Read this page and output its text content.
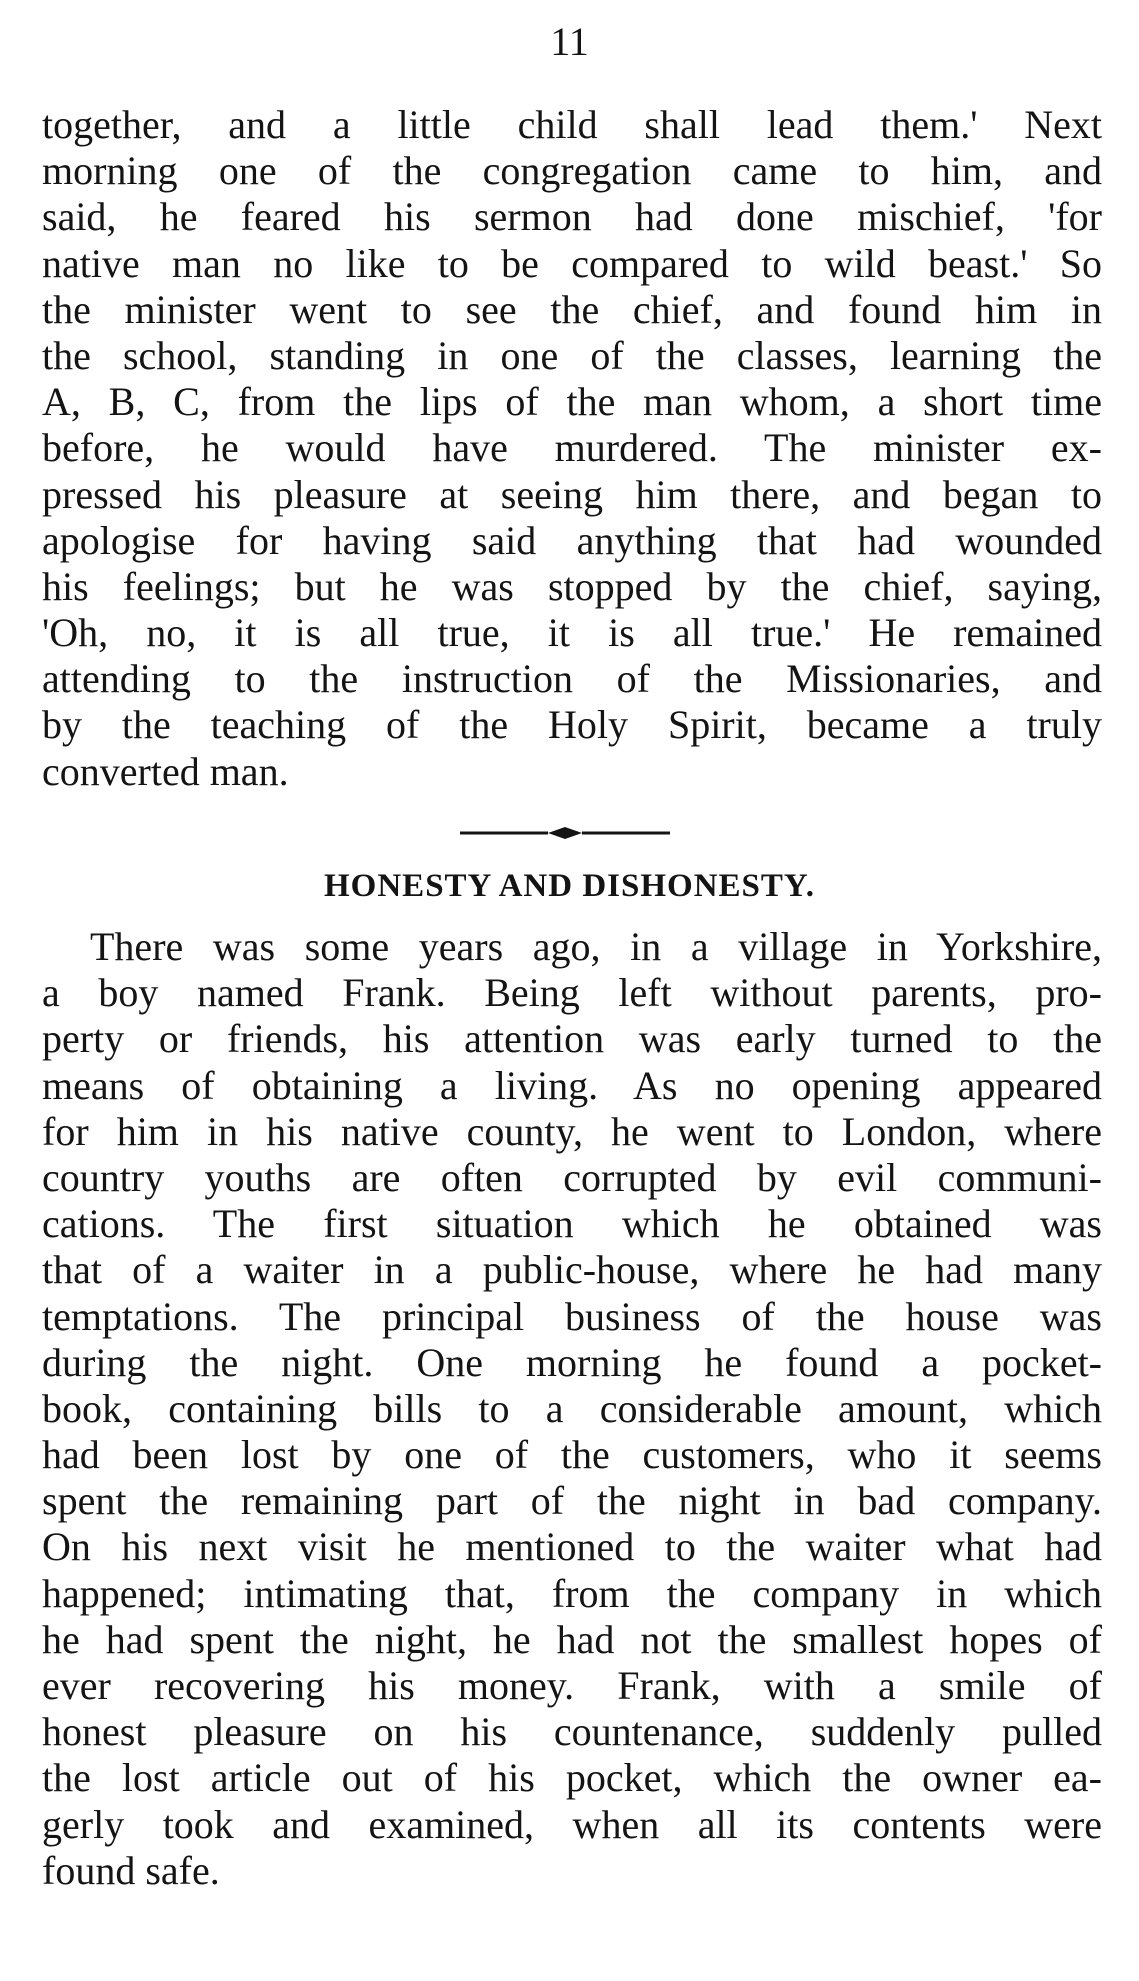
11
together, and a little child shall lead them.' Next
morning one of the congregation came to him, and
said, he feared his sermon had done mischief, 'for
native man no like to be compared to wild beast.' So
the minister went to see the chief, and found him in
the school, standing in one of the classes, learning the
A, B, C, from the lips of the man whom, a short time
before, he would have murdered. The minister ex-
pressed his pleasure at seeing him there, and began to
apologise for having said anything that had wounded
his feelings; but he was stopped by the chief, saying,
'Oh, no, it is all true, it is all true.' He remained
attending to the instruction of the Missionaries, and
by the teaching of the Holy Spirit, became a truly
converted man.
HONESTY AND DISHONESTY.
There was some years ago, in a village in Yorkshire,
a boy named Frank. Being left without parents, pro-
perty or friends, his attention was early turned to the
means of obtaining a living. As no opening appeared
for him in his native county, he went to London, where
country youths are often corrupted by evil communi-
cations. The first situation which he obtained was
that of a waiter in a public-house, where he had many
temptations. The principal business of the house was
during the night. One morning he found a pocket-
book, containing bills to a considerable amount, which
had been lost by one of the customers, who it seems
spent the remaining part of the night in bad company.
On his next visit he mentioned to the waiter what had
happened; intimating that, from the company in which
he had spent the night, he had not the smallest hopes of
ever recovering his money. Frank, with a smile of
honest pleasure on his countenance, suddenly pulled
the lost article out of his pocket, which the owner ea-
gerly took and examined, when all its contents were
found safe.
